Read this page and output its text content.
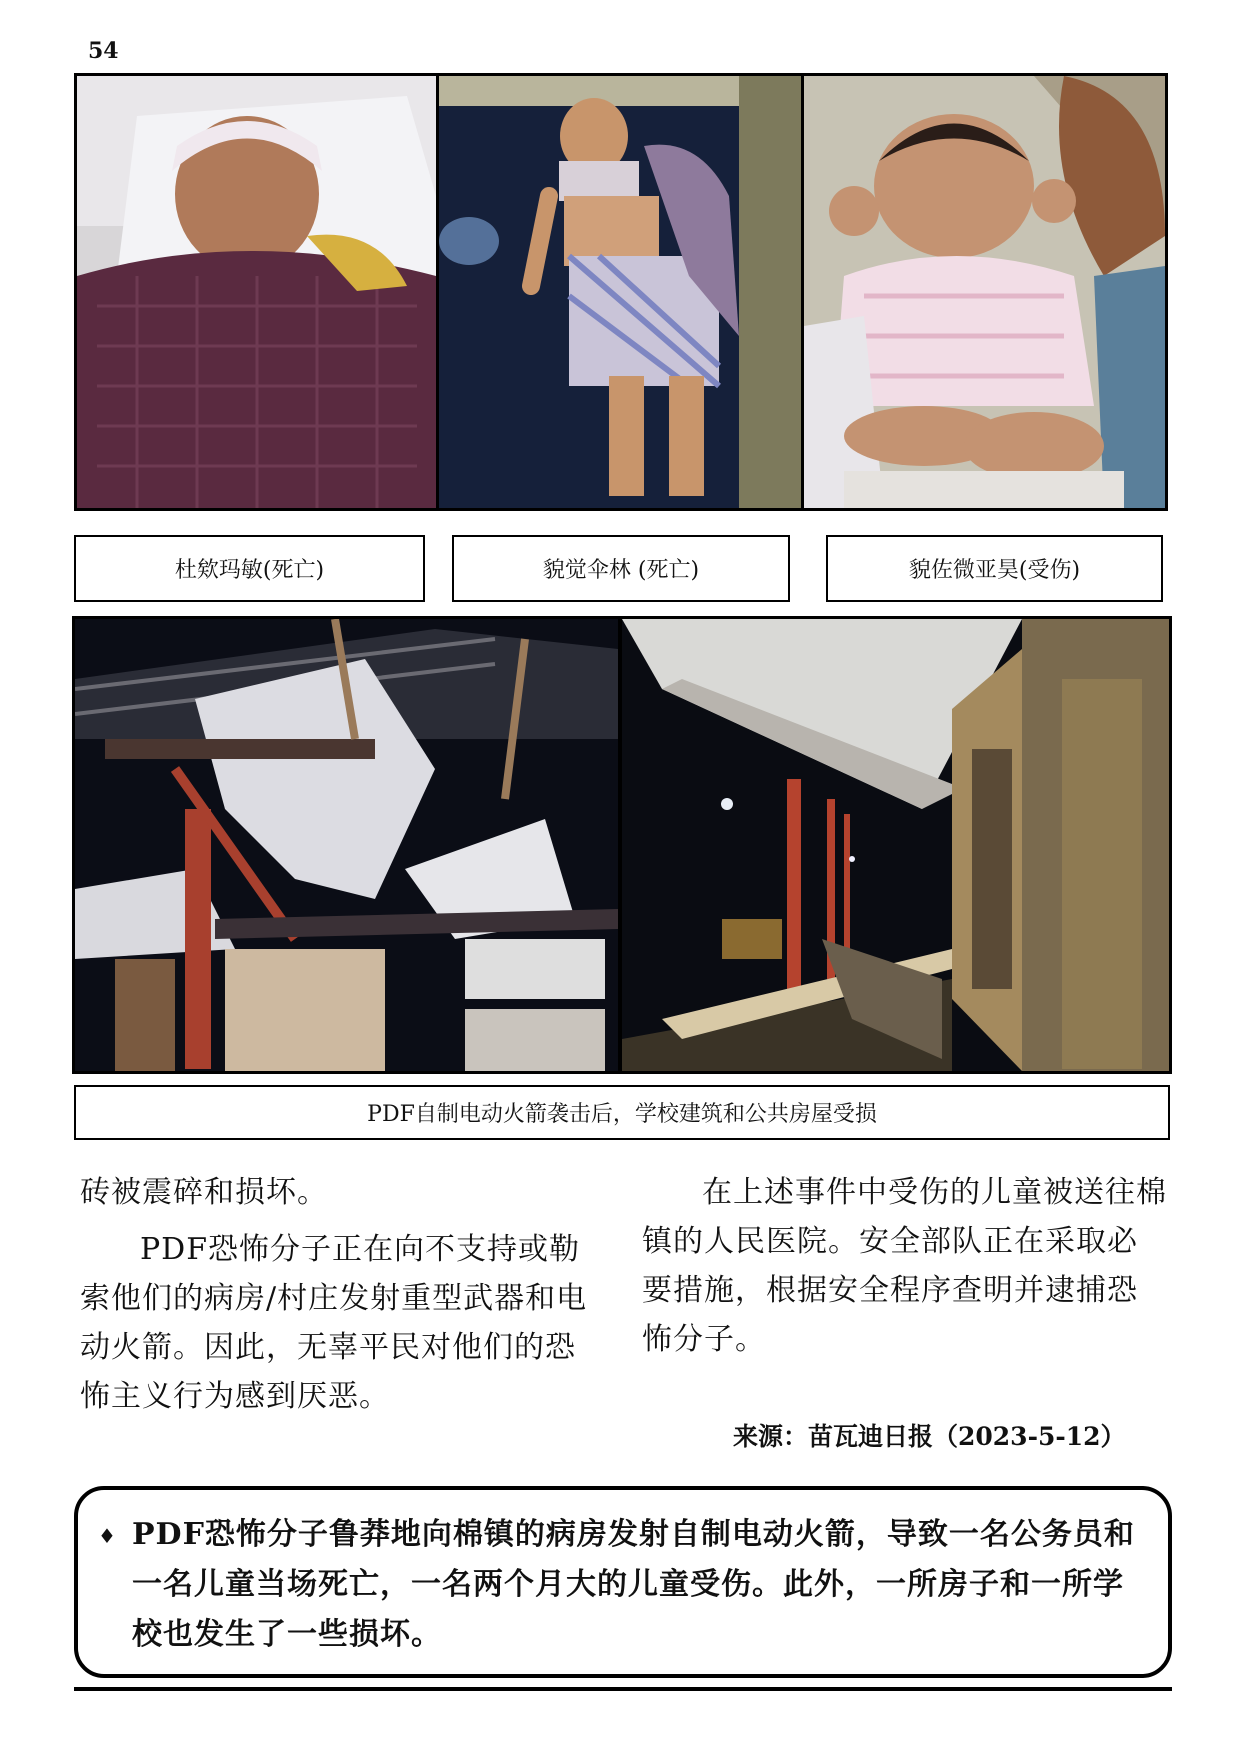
54
杜欸玛敏(死亡)	貌觉伞林 (死亡)	貌佐微亚昊(受伤)
PDF自制电动火箭袭击后，学校建筑和公共房屋受损

砖被震碎和损坏。

PDF恐怖分子正在向不支持或勒索他们的病房/村庄发射重型武器和电动火箭。因此，无辜平民对他们的恐怖主义行为感到厌恶。

在上述事件中受伤的儿童被送往棉镇的人民医院。安全部队正在采取必要措施，根据安全程序查明并逮捕恐怖分子。

来源：苗瓦迪日报（2023-5-12）
♦ PDF恐怖分子鲁莽地向棉镇的病房发射自制电动火箭，导致一名公务员和一名儿童当场死亡，一名两个月大的儿童受伤。此外，一所房子和一所学校也发生了一些损坏。
